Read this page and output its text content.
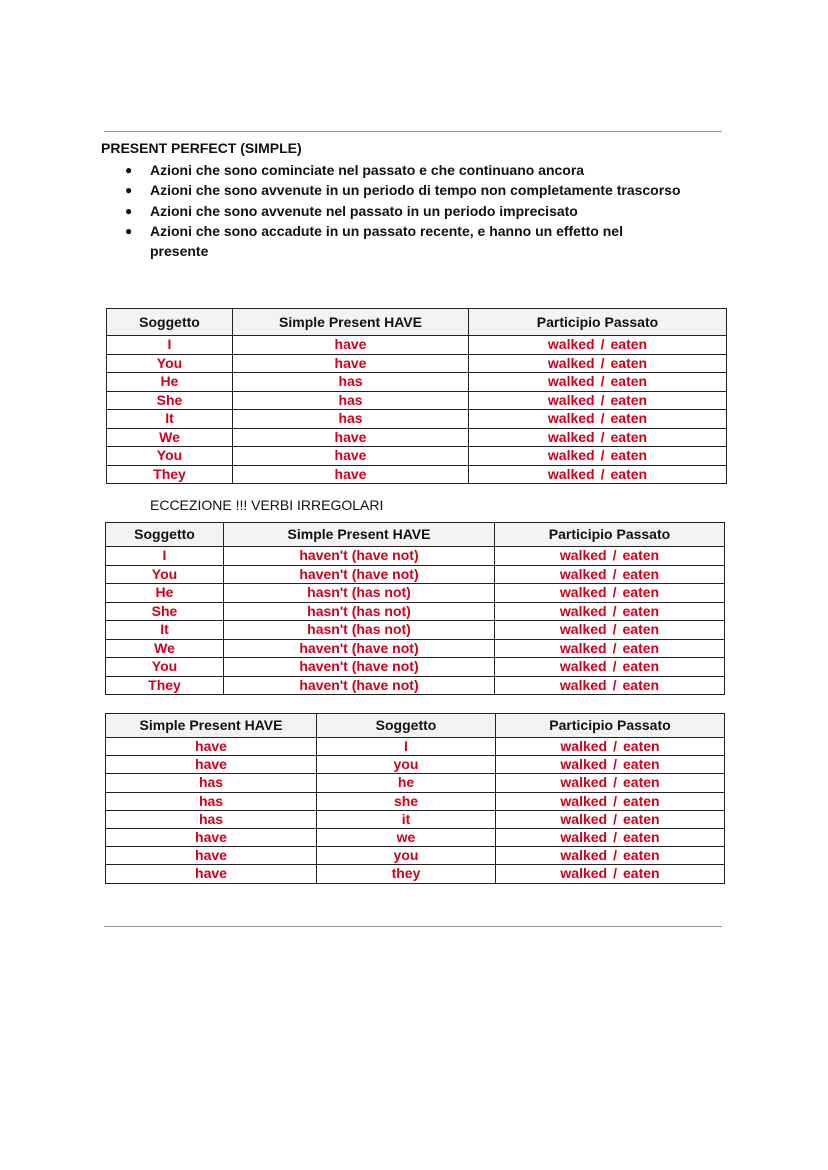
PRESENT PERFECT (SIMPLE)
● Azioni che sono cominciate nel passato e che continuano ancora
● Azioni che sono avvenute in un periodo di tempo non completamente trascorso
● Azioni che sono avvenute nel passato in un periodo imprecisato
● Azioni che sono accadute in un passato recente, e hanno un effetto nel presente
Soggetto	Simple Present HAVE	Participio Passato
I	have	walked / eaten
You	have	walked / eaten
He	has	walked / eaten
She	has	walked / eaten
It	has	walked / eaten
We	have	walked / eaten
You	have	walked / eaten
They	have	walked / eaten
ECCEZIONE !!! VERBI IRREGOLARI
Soggetto	Simple Present HAVE	Participio Passato
I	haven't (have not)	walked / eaten
You	haven't (have not)	walked / eaten
He	hasn't (has not)	walked / eaten
She	hasn't (has not)	walked / eaten
It	hasn't (has not)	walked / eaten
We	haven't (have not)	walked / eaten
You	haven't (have not)	walked / eaten
They	haven't (have not)	walked / eaten
Simple Present HAVE	Soggetto	Participio Passato
have	I	walked / eaten
have	you	walked / eaten
has	he	walked / eaten
has	she	walked / eaten
has	it	walked / eaten
have	we	walked / eaten
have	you	walked / eaten
have	they	walked / eaten
